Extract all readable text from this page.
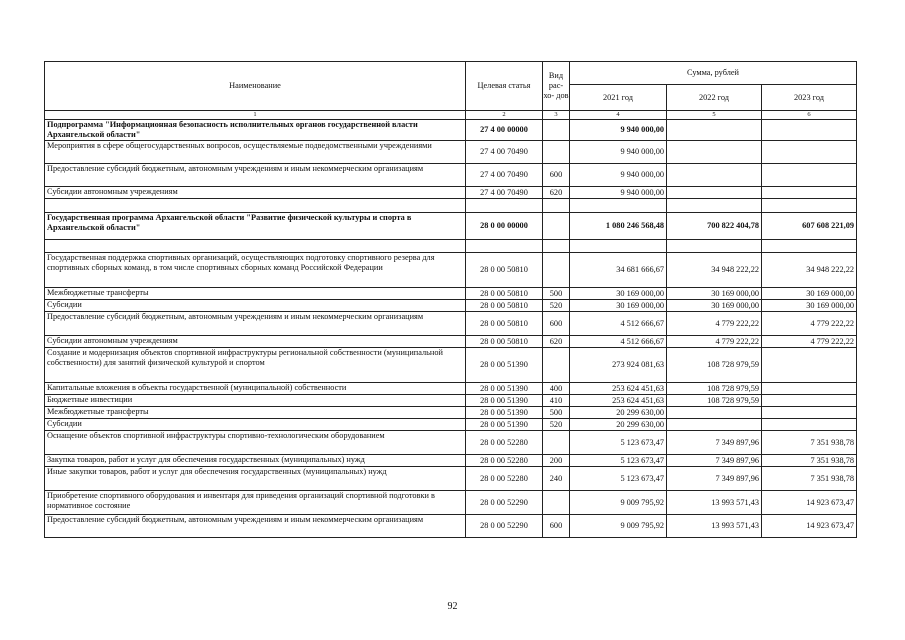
Наименование	Целевая статья	Вид рас- хо- дов	Сумма, рублей		
			2021 год	2022 год	2023 год
1	2	3	4	5	6
Подпрограмма "Информационная безопасность исполнительных органов государственной власти Архангельской области"	27 4 00 00000		9 940 000,00		
Мероприятия в сфере общегосударственных вопросов, осуществляемые подведомственными учреждениями	27 4 00 70490		9 940 000,00		
Предоставление субсидий бюджетным, автономным учреждениям и иным некоммерческим организациям	27 4 00 70490	600	9 940 000,00		
Субсидии автономным учреждениям	27 4 00 70490	620	9 940 000,00		

Государственная программа Архангельской области "Развитие физической культуры и спорта в Архангельской области"	28 0 00 00000		1 080 246 568,48	700 822 404,78	607 608 221,09

Государственная поддержка спортивных организаций, осуществляющих подготовку спортивного резерва для спортивных сборных команд, в том числе спортивных сборных команд Российской Федерации	28 0 00 50810		34 681 666,67	34 948 222,22	34 948 222,22
Межбюджетные трансферты	28 0 00 50810	500	30 169 000,00	30 169 000,00	30 169 000,00
Субсидии	28 0 00 50810	520	30 169 000,00	30 169 000,00	30 169 000,00
Предоставление субсидий бюджетным, автономным учреждениям и иным некоммерческим организациям	28 0 00 50810	600	4 512 666,67	4 779 222,22	4 779 222,22
Субсидии автономным учреждениям	28 0 00 50810	620	4 512 666,67	4 779 222,22	4 779 222,22
Создание и модернизация объектов спортивной инфраструктуры региональной собственности (муниципальной собственности) для занятий физической культурой и спортом	28 0 00 51390		273 924 081,63	108 728 979,59	
Капитальные вложения в объекты государственной (муниципальной) собственности	28 0 00 51390	400	253 624 451,63	108 728 979,59	
Бюджетные инвестиции	28 0 00 51390	410	253 624 451,63	108 728 979,59	
Межбюджетные трансферты	28 0 00 51390	500	20 299 630,00		
Субсидии	28 0 00 51390	520	20 299 630,00		
Оснащение объектов спортивной инфраструктуры спортивно-технологическим оборудованием	28 0 00 52280		5 123 673,47	7 349 897,96	7 351 938,78
Закупка товаров, работ и услуг для обеспечения государственных (муниципальных) нужд	28 0 00 52280	200	5 123 673,47	7 349 897,96	7 351 938,78
Иные закупки товаров, работ и услуг для обеспечения государственных (муниципальных) нужд	28 0 00 52280	240	5 123 673,47	7 349 897,96	7 351 938,78
Приобретение спортивного оборудования и инвентаря для приведения организаций спортивной подготовки в нормативное состояние	28 0 00 52290		9 009 795,92	13 993 571,43	14 923 673,47
Предоставление субсидий бюджетным, автономным учреждениям и иным некоммерческим организациям	28 0 00 52290	600	9 009 795,92	13 993 571,43	14 923 673,47
92
